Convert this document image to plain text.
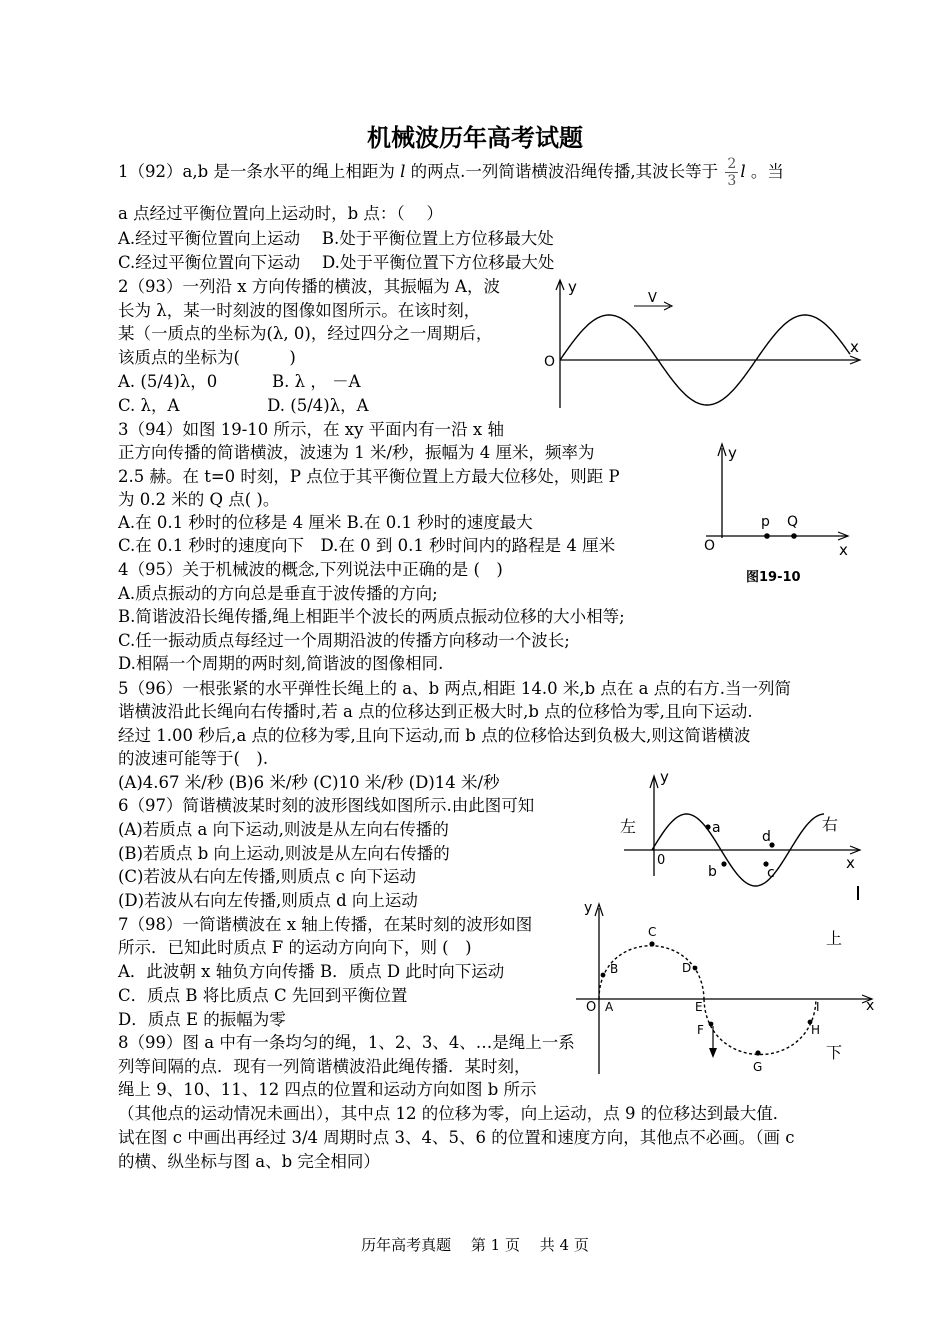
机械波历年高考试题
1（92）a,b 是一条水平的绳上相距为 l 的两点.一列简谐横波沿绳传播,其波长等于 $\frac{2}{3}$ l 。当
a 点经过平衡位置向上运动时，b 点：（　 ）
A.经过平衡位置向上运动　 B.处于平衡位置上方位移最大处
C.经过平衡位置向下运动　 D.处于平衡位置下方位移最大处
2（93）一列沿 x 方向传播的横波，其振幅为 A，波
长为 λ，某一时刻波的图像如图所示。在该时刻，
某（一质点的坐标为(λ, 0)，经过四分之一周期后，
该质点的坐标为(　　　)
A. (5/4)λ，0　　　 B. λ ， －A
C. λ，A　　　　　 D. (5/4)λ，A
y
x
O
V
3（94）如图 19-10 所示，在 xy 平面内有一沿 x 轴
正方向传播的简谐横波，波速为 1 米/秒，振幅为 4 厘米，频率为
2.5 赫。在 t=0 时刻，P 点位于其平衡位置上方最大位移处，则距 P
为 0.2 米的 Q 点( )。
A.在 0.1 秒时的位移是 4 厘米 B.在 0.1 秒时的速度最大
C.在 0.1 秒时的速度向下　D.在 0 到 0.1 秒时间内的路程是 4 厘米
y
x
O
p Q
图19-10
4（95）关于机械波的概念,下列说法中正确的是 (　)
A.质点振动的方向总是垂直于波传播的方向;
B.简谐波沿长绳传播,绳上相距半个波长的两质点振动位移的大小相等;
C.任一振动质点每经过一个周期沿波的传播方向移动一个波长;
D.相隔一个周期的两时刻,简谐波的图像相同.
5（96）一根张紧的水平弹性长绳上的 a、b 两点,相距 14.0 米,b 点在 a 点的右方.当一列简
谐横波沿此长绳向右传播时,若 a 点的位移达到正极大时,b 点的位移恰为零,且向下运动.
经过 1.00 秒后,a 点的位移为零,且向下运动,而 b 点的位移恰达到负极大,则这简谐横波
的波速可能等于(　).
(A)4.67 米/秒 (B)6 米/秒 (C)10 米/秒 (D)14 米/秒
6（97）简谐横波某时刻的波形图线如图所示.由此图可知
(A)若质点 a 向下运动,则波是从左向右传播的
(B)若质点 b 向上运动,则波是从左向右传播的
(C)若波从右向左传播,则质点 c 向下运动
(D)若波从右向左传播,则质点 d 向上运动
y
x
0
左	右
a
b	c
d
7（98）一简谐横波在 x 轴上传播，在某时刻的波形如图
所示．已知此时质点 F 的运动方向向下，则 (　)
A．此波朝 x 轴负方向传播 B．质点 D 此时向下运动
C．质点 B 将比质点 C 先回到平衡位置
D．质点 E 的振幅为零
y
x
O
上
下
A
B
C
D
E
F
G
H
I
8（99）图 a 中有一条均匀的绳，1、2、3、4、…是绳上一系
列等间隔的点．现有一列简谐横波沿此绳传播．某时刻，
绳上 9、10、11、12 四点的位置和运动方向如图 b 所示
（其他点的运动情况未画出），其中点 12 的位移为零，向上运动，点 9 的位移达到最大值．
试在图 c 中画出再经过 3/4 周期时点 3、4、5、6 的位置和速度方向，其他点不必画。（画 c
的横、纵坐标与图 a、b 完全相同）
历年高考真题　 第 1 页　 共 4 页
